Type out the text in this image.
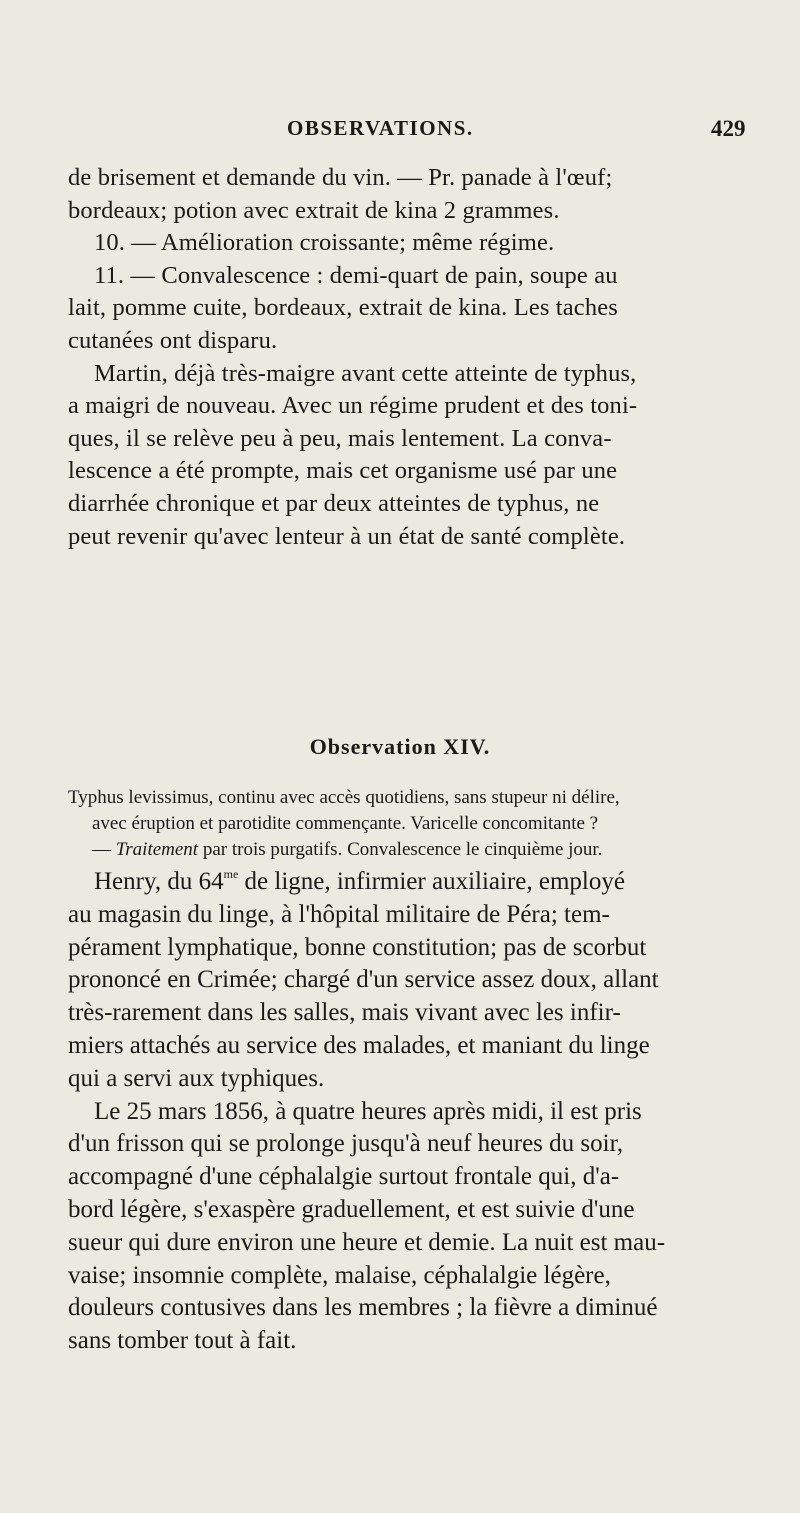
OBSERVATIONS.	429
de brisement et demande du vin. — Pr. panade à l'œuf;
bordeaux; potion avec extrait de kina 2 grammes.
10. — Amélioration croissante; même régime.
11. — Convalescence : demi-quart de pain, soupe au
lait, pomme cuite, bordeaux, extrait de kina. Les taches
cutanées ont disparu.
Martin, déjà très-maigre avant cette atteinte de typhus,
a maigri de nouveau. Avec un régime prudent et des toni-
ques, il se relève peu à peu, mais lentement. La conva-
lescence a été prompte, mais cet organisme usé par une
diarrhée chronique et par deux atteintes de typhus, ne
peut revenir qu'avec lenteur à un état de santé complète.
Observation XIV.
Typhus levissimus, continu avec accès quotidiens, sans stupeur ni délire,
avec éruption et parotidite commençante. Varicelle concomitante ?
— Traitement par trois purgatifs. Convalescence le cinquième jour.
Henry, du $64^{me}$ de ligne, infirmier auxiliaire, employé
au magasin du linge, à l'hôpital militaire de Péra; tem-
pérament lymphatique, bonne constitution; pas de scorbut
prononcé en Crimée; chargé d'un service assez doux, allant
très-rarement dans les salles, mais vivant avec les infir-
miers attachés au service des malades, et maniant du linge
qui a servi aux typhiques.
Le 25 mars 1856, à quatre heures après midi, il est pris
d'un frisson qui se prolonge jusqu'à neuf heures du soir,
accompagné d'une céphalalgie surtout frontale qui, d'a-
bord légère, s'exaspère graduellement, et est suivie d'une
sueur qui dure environ une heure et demie. La nuit est mau-
vaise; insomnie complète, malaise, céphalalgie légère,
douleurs contusives dans les membres ; la fièvre a diminué
sans tomber tout à fait.
